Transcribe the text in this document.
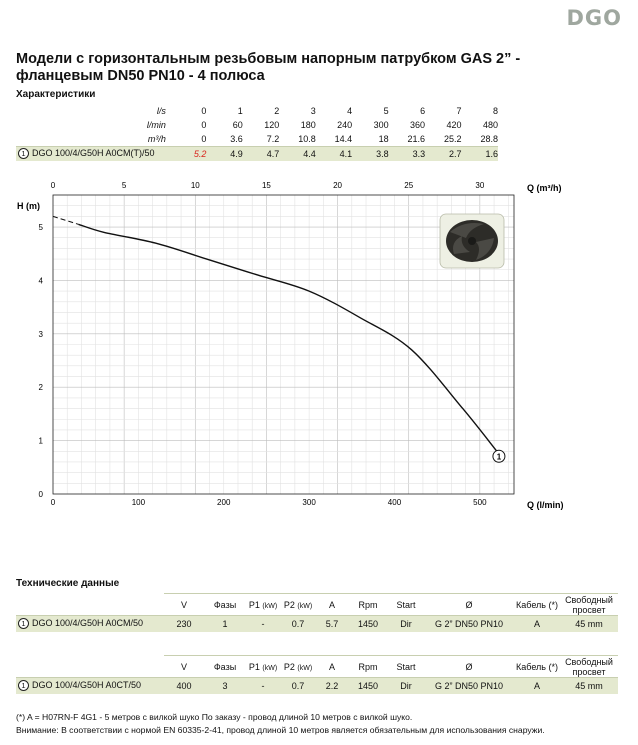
DGO
Модели с горизонтальным резьбовым напорным патрубком GAS 2” - фланцевым DN50 PN10 - 4 полюса
Характеристики
l/s	0	1	2	3	4	5	6	7	8
l/min	0	60	120	180	240	300	360	420	480
m³/h	0	3.6	7.2	10.8	14.4	18	21.6	25.2	28.8
1 DGO 100/4/G50H A0CM(T)/50	5.2	4.9	4.7	4.4	4.1	3.8	3.3	2.7	1.6
0
1
2
3
4
5
0	100	200	300	400	500
0	5	10	15	20	25	30
H (m)
Q (m³/h)
Q (l/min)
1
Технические данные
	V	Фазы	P1 (kW)	P2 (kW)	A	Rpm	Start	Ø	Кабель (*)	Свободный
просвет
1 DGO 100/4/G50H A0CM/50	230	1	-	0.7	5.7	1450	Dir	G 2” DN50 PN10	A	45 mm
	V	Фазы	P1 (kW)	P2 (kW)	A	Rpm	Start	Ø	Кабель (*)	Свободный
просвет
1 DGO 100/4/G50H A0CT/50	400	3	-	0.7	2.2	1450	Dir	G 2” DN50 PN10	A	45 mm
(*) A = H07RN-F 4G1 - 5 метров с вилкой шуко По заказу - провод длиной 10 метров с вилкой шуко.
Внимание: В соответствии с нормой EN 60335-2-41, провод длиной 10 метров является обязательным для использования снаружи.
